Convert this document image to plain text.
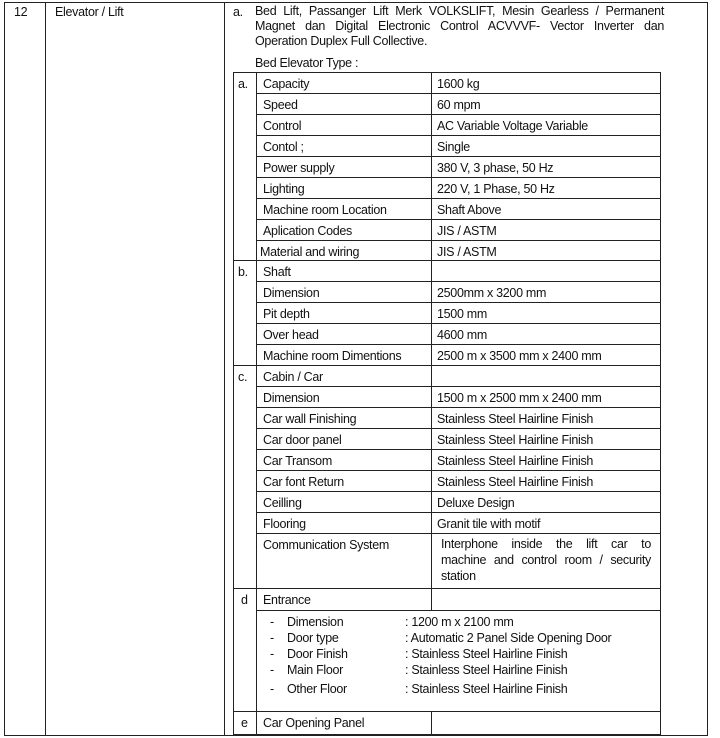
12 Elevator / Lift	a. Bed Lift, Passanger Lift Merk VOLKSLIFT, Mesin Gearless / Permanent
Magnet dan Digital Electronic Control ACVVVF- Vector Inverter dan
Operation Duplex Full Collective.
Bed Elevator Type :
a. Capacity	1600 kg
Speed	60 mpm
Control	AC Variable Voltage Variable
Contol ;	Single
Power supply	380 V, 3 phase, 50 Hz
Lighting	220 V, 1 Phase, 50 Hz
Machine room Location	Shaft Above
Aplication Codes	JIS / ASTM
Material and wiring	JIS / ASTM
b. Shaft
Dimension	2500mm x 3200 mm
Pit depth	1500 mm
Over head	4600 mm
Machine room Dimentions	2500 m x 3500 mm x 2400 mm
c. Cabin / Car
Dimension	1500 m x 2500 mm x 2400 mm
Car wall Finishing	Stainless Steel Hairline Finish
Car door panel	Stainless Steel Hairline Finish
Car Transom	Stainless Steel Hairline Finish
Car font Return	Stainless Steel Hairline Finish
Ceilling	Deluxe Design
Flooring	Granit tile with motif
Communication System	Interphone inside the lift car to
machine and control room / security
station
d Entrance
- Dimension	: 1200 m x 2100 mm
- Door type	: Automatic 2 Panel Side Opening Door
- Door Finish	: Stainless Steel Hairline Finish
- Main Floor	: Stainless Steel Hairline Finish
- Other Floor	: Stainless Steel Hairline Finish
e Car Opening Panel
